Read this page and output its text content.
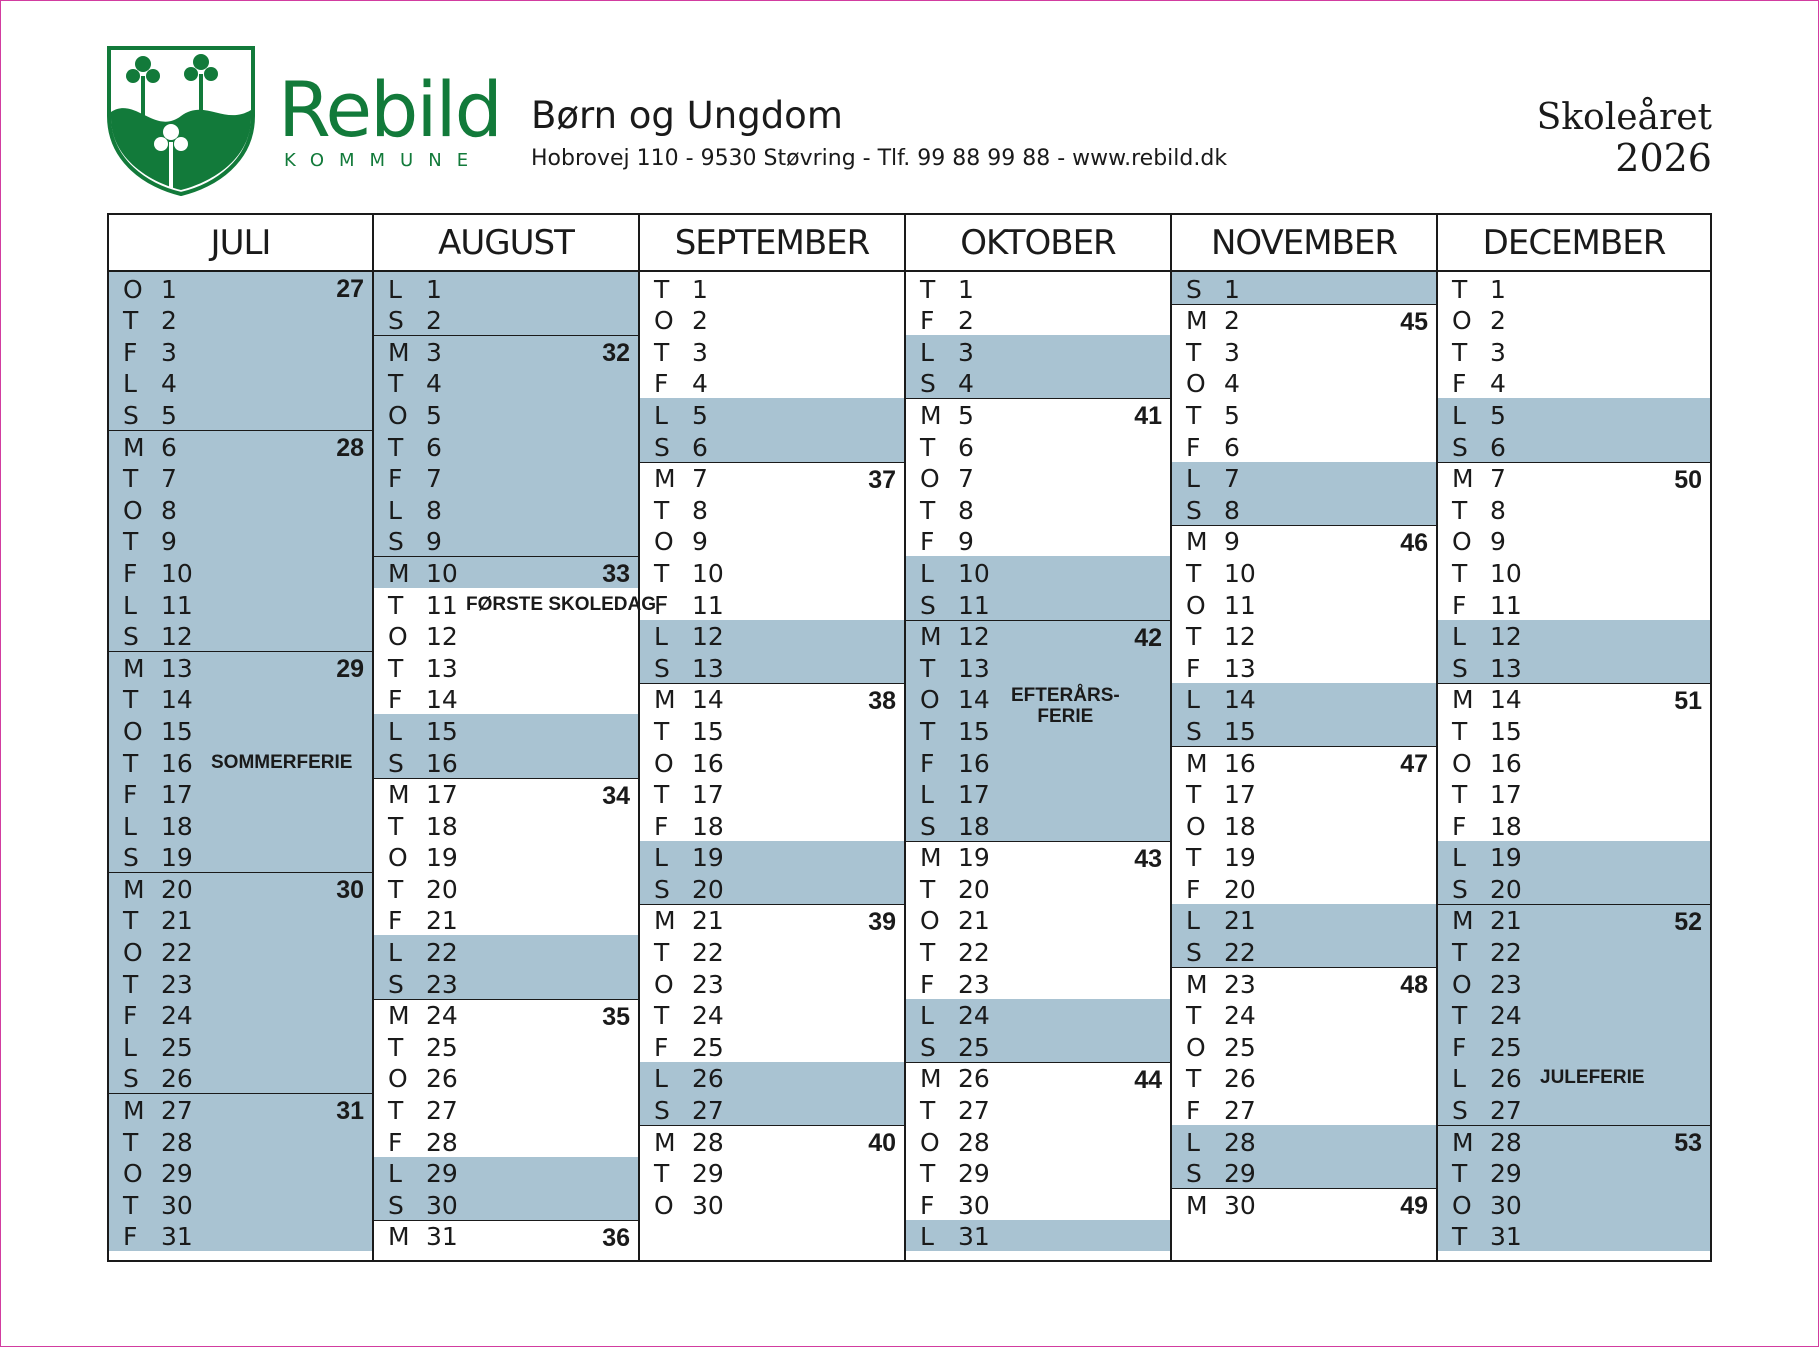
Rebild
KOMMUNE
Børn og Ungdom
Hobrovej 110 - 9530 Støvring - Tlf. 99 88 99 88 - www.rebild.dk
Skoleåret
2026
JULI
O 1	27
T 2
F 3
L 4
S 5
M 6	28
T 7
O 8
T 9
F 10
L 11
S 12
M 13	29
T 14
O 15
T 16 SOMMERFERIE
F 17
L 18
S 19
M 20	30
T 21
O 22
T 23
F 24
L 25
S 26
M 27	31
T 28
O 29
T 30
F 31
AUGUST
L 1
S 2
M 3	32
T 4
O 5
T 6
F 7
L 8
S 9
M 10	33
T 11 FØRSTE SKOLEDAG
O 12
T 13
F 14
L 15
S 16
M 17	34
T 18
O 19
T 20
F 21
L 22
S 23
M 24	35
T 25
O 26
T 27
F 28
L 29
S 30
M 31	36
SEPTEMBER
T 1
O 2
T 3
F 4
L 5
S 6
M 7	37
T 8
O 9
T 10
F 11
L 12
S 13
M 14	38
T 15
O 16
T 17
F 18
L 19
S 20
M 21	39
T 22
O 23
T 24
F 25
L 26
S 27
M 28	40
T 29
O 30
OKTOBER
T 1
F 2
L 3
S 4
M 5	41
T 6
O 7
T 8
F 9
L 10
S 11
M 12	42
T 13
O 14
T 15
F 16
L 17
S 18
M 19	43
T 20
O 21
T 22
F 23
L 24
S 25
M 26	44
T 27
O 28
T 29
F 30
L 31
EFTERÅRS-
FERIE
NOVEMBER
S 1
M 2	45
T 3
O 4
T 5
F 6
L 7
S 8
M 9	46
T 10
O 11
T 12
F 13
L 14
S 15
M 16	47
T 17
O 18
T 19
F 20
L 21
S 22
M 23	48
T 24
O 25
T 26
F 27
L 28
S 29
M 30	49
DECEMBER
T 1
O 2
T 3
F 4
L 5
S 6
M 7	50
T 8
O 9
T 10
F 11
L 12
S 13
M 14	51
T 15
O 16
T 17
F 18
L 19
S 20
M 21	52
T 22
O 23
T 24
F 25
L 26 JULEFERIE
S 27
M 28	53
T 29
O 30
T 31
